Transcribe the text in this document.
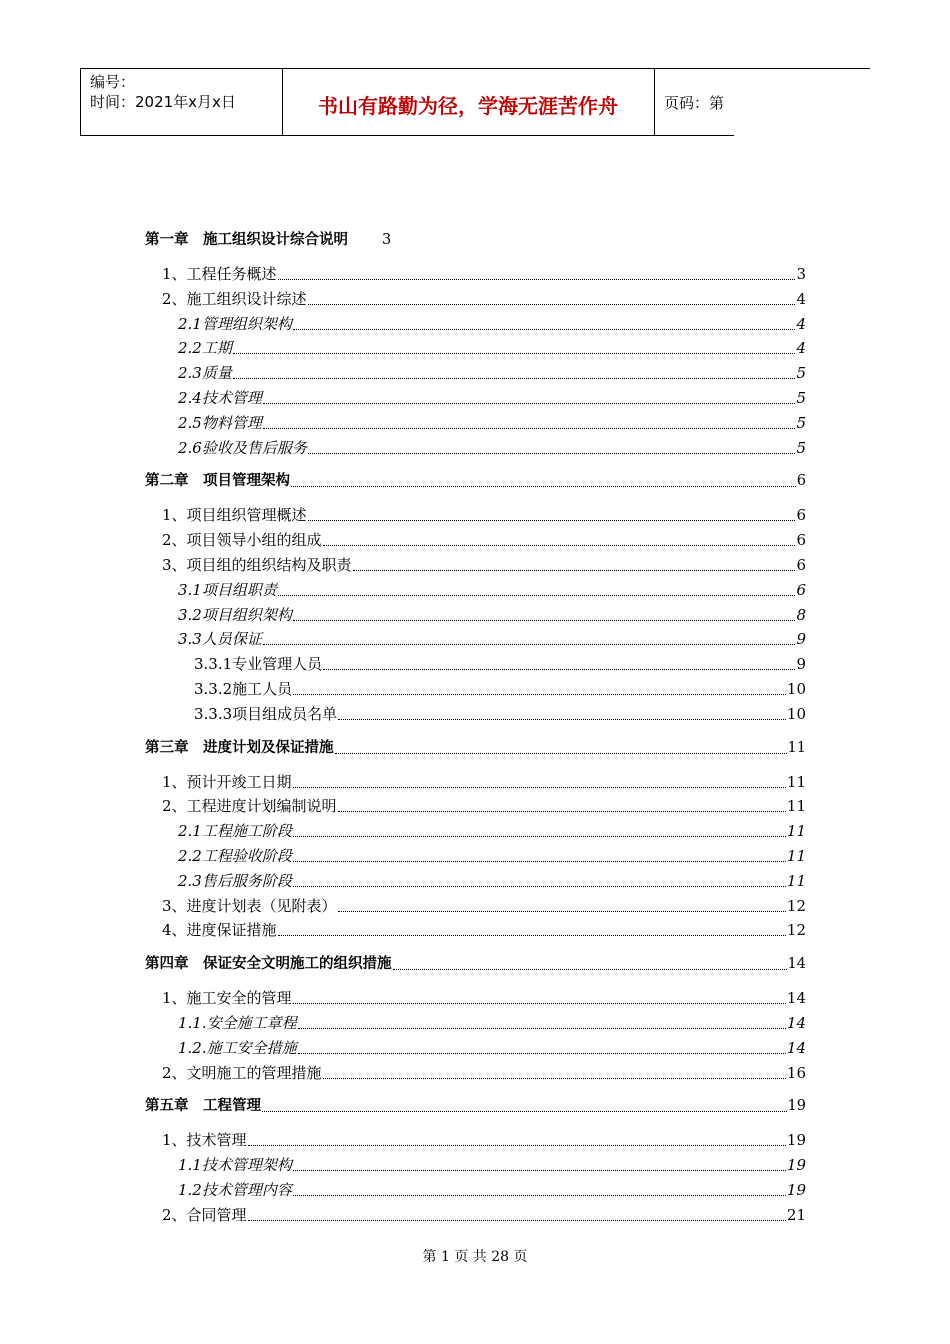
编号：
时间：2021年x月x日	书山有路勤为径，学海无涯苦作舟	页码：第

第一章　施工组织设计综合说明 3
1、工程任务概述	3
2、施工组织设计综述	4
2.1管理组织架构	4
2.2工期	4
2.3质量	5
2.4技术管理	5
2.5物料管理	5
2.6验收及售后服务	5
第二章　项目管理架构	6
1、项目组织管理概述	6
2、项目领导小组的组成	6
3、项目组的组织结构及职责	6
3.1项目组职责	6
3.2项目组织架构	8
3.3人员保证	9
3.3.1专业管理人员	9
3.3.2施工人员	10
3.3.3项目组成员名单	10
第三章　进度计划及保证措施	11
1、预计开竣工日期	11
2、工程进度计划编制说明	11
2.1工程施工阶段	11
2.2工程验收阶段	11
2.3售后服务阶段	11
3、进度计划表（见附表）	12
4、进度保证措施	12
第四章　保证安全文明施工的组织措施	14
1、施工安全的管理	14
1.1.安全施工章程	14
1.2.施工安全措施	14
2、文明施工的管理措施	16
第五章　工程管理	19
1、技术管理	19
1.1技术管理架构	19
1.2技术管理内容	19
2、合同管理	21
第 1 页 共 28 页
